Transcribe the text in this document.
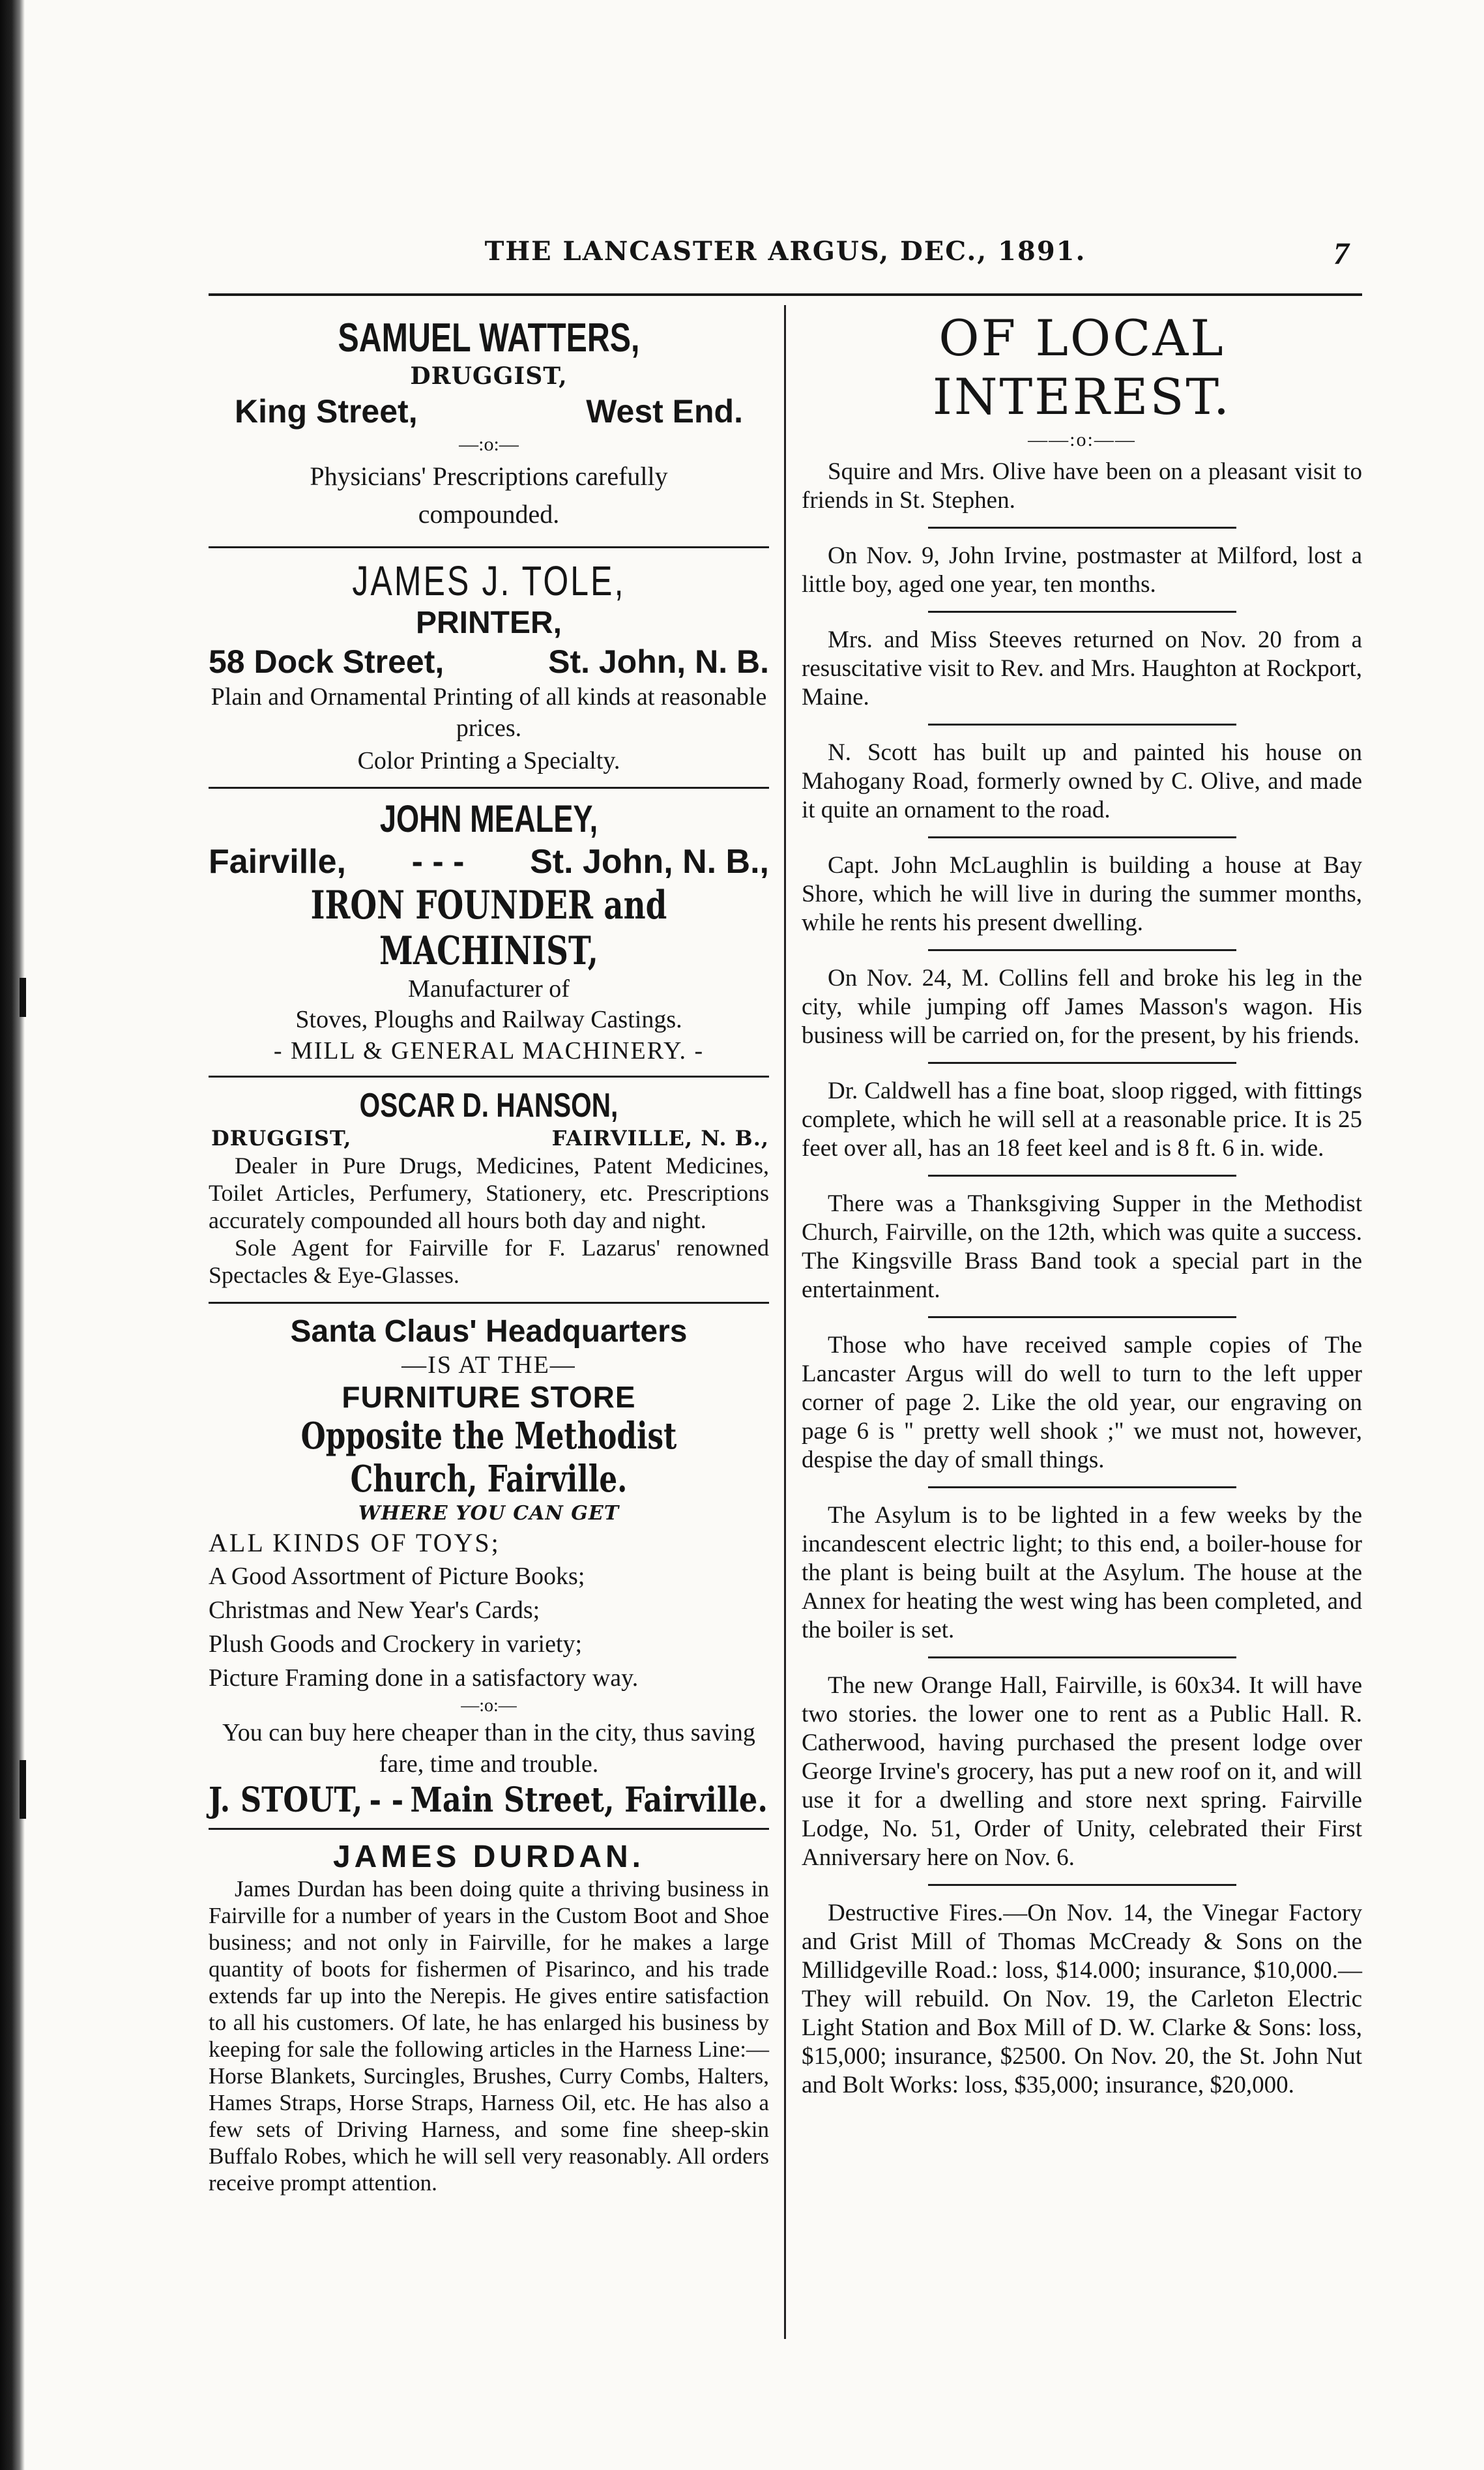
THE LANCASTER ARGUS, DEC., 1891.	7
SAMUEL WATTERS,
DRUGGIST,
King Street,	West End.
—:o:—
Physicians' Prescriptions carefully compounded.
JAMES J. TOLE,
PRINTER,
58 Dock Street,	St. John, N. B.
Plain and Ornamental Printing of all kinds at reasonable prices.
Color Printing a Specialty.
JOHN MEALEY,
Fairville, - - - St. John, N. B.,
IRON FOUNDER and MACHINIST,
Manufacturer of
Stoves, Ploughs and Railway Castings.
- MILL & GENERAL MACHINERY. -
OSCAR D. HANSON,
DRUGGIST,	FAIRVILLE, N. B.,
Dealer in Pure Drugs, Medicines, Patent Medicines, Toilet Articles, Perfumery, Stationery, etc. Prescriptions accurately compounded all hours both day and night.
Sole Agent for Fairville for F. Lazarus' renowned Spectacles & Eye-Glasses.
Santa Claus' Headquarters
—IS AT THE—
FURNITURE STORE
Opposite the Methodist Church, Fairville.
WHERE YOU CAN GET
ALL KINDS OF TOYS;
A Good Assortment of Picture Books;
Christmas and New Year's Cards;
Plush Goods and Crockery in variety;
Picture Framing done in a satisfactory way.
—:o:—
You can buy here cheaper than in the city, thus saving fare, time and trouble.
J. STOUT, - - Main Street, Fairville.
JAMES DURDAN.
James Durdan has been doing quite a thriving business in Fairville for a number of years in the Custom Boot and Shoe business; and not only in Fairville, for he makes a large quantity of boots for fishermen of Pisarinco, and his trade extends far up into the Nerepis. He gives entire satisfaction to all his customers. Of late, he has enlarged his business by keeping for sale the following articles in the Harness Line:— Horse Blankets, Surcingles, Brushes, Curry Combs, Halters, Hames Straps, Horse Straps, Harness Oil, etc. He has also a few sets of Driving Harness, and some fine sheep-skin Buffalo Robes, which he will sell very reasonably. All orders receive prompt attention.
OF LOCAL INTEREST.
——:o:——

Squire and Mrs. Olive have been on a pleasant visit to friends in St. Stephen.

On Nov. 9, John Irvine, postmaster at Milford, lost a little boy, aged one year, ten months.

Mrs. and Miss Steeves returned on Nov. 20 from a resuscitative visit to Rev. and Mrs. Haughton at Rockport, Maine.

N. Scott has built up and painted his house on Mahogany Road, formerly owned by C. Olive, and made it quite an ornament to the road.

Capt. John McLaughlin is building a house at Bay Shore, which he will live in during the summer months, while he rents his present dwelling.

On Nov. 24, M. Collins fell and broke his leg in the city, while jumping off James Masson's wagon. His business will be carried on, for the present, by his friends.

Dr. Caldwell has a fine boat, sloop rigged, with fittings complete, which he will sell at a reasonable price. It is 25 feet over all, has an 18 feet keel and is 8 ft. 6 in. wide.

There was a Thanksgiving Supper in the Methodist Church, Fairville, on the 12th, which was quite a success. The Kingsville Brass Band took a special part in the entertainment.

Those who have received sample copies of The Lancaster Argus will do well to turn to the left upper corner of page 2. Like the old year, our engraving on page 6 is " pretty well shook ;" we must not, however, despise the day of small things.

The Asylum is to be lighted in a few weeks by the incandescent electric light; to this end, a boiler-house for the plant is being built at the Asylum. The house at the Annex for heating the west wing has been completed, and the boiler is set.

The new Orange Hall, Fairville, is 60x34. It will have two stories. the lower one to rent as a Public Hall. R. Catherwood, having purchased the present lodge over George Irvine's grocery, has put a new roof on it, and will use it for a dwelling and store next spring. Fairville Lodge, No. 51, Order of Unity, celebrated their First Anniversary here on Nov. 6.

Destructive Fires.—On Nov. 14, the Vinegar Factory and Grist Mill of Thomas McCready & Sons on the Millidgeville Road.: loss, $14.000; insurance, $10,000.— They will rebuild. On Nov. 19, the Carleton Electric Light Station and Box Mill of D. W. Clarke & Sons: loss, $15,000; insurance, $2500. On Nov. 20, the St. John Nut and Bolt Works: loss, $35,000; insurance, $20,000.
